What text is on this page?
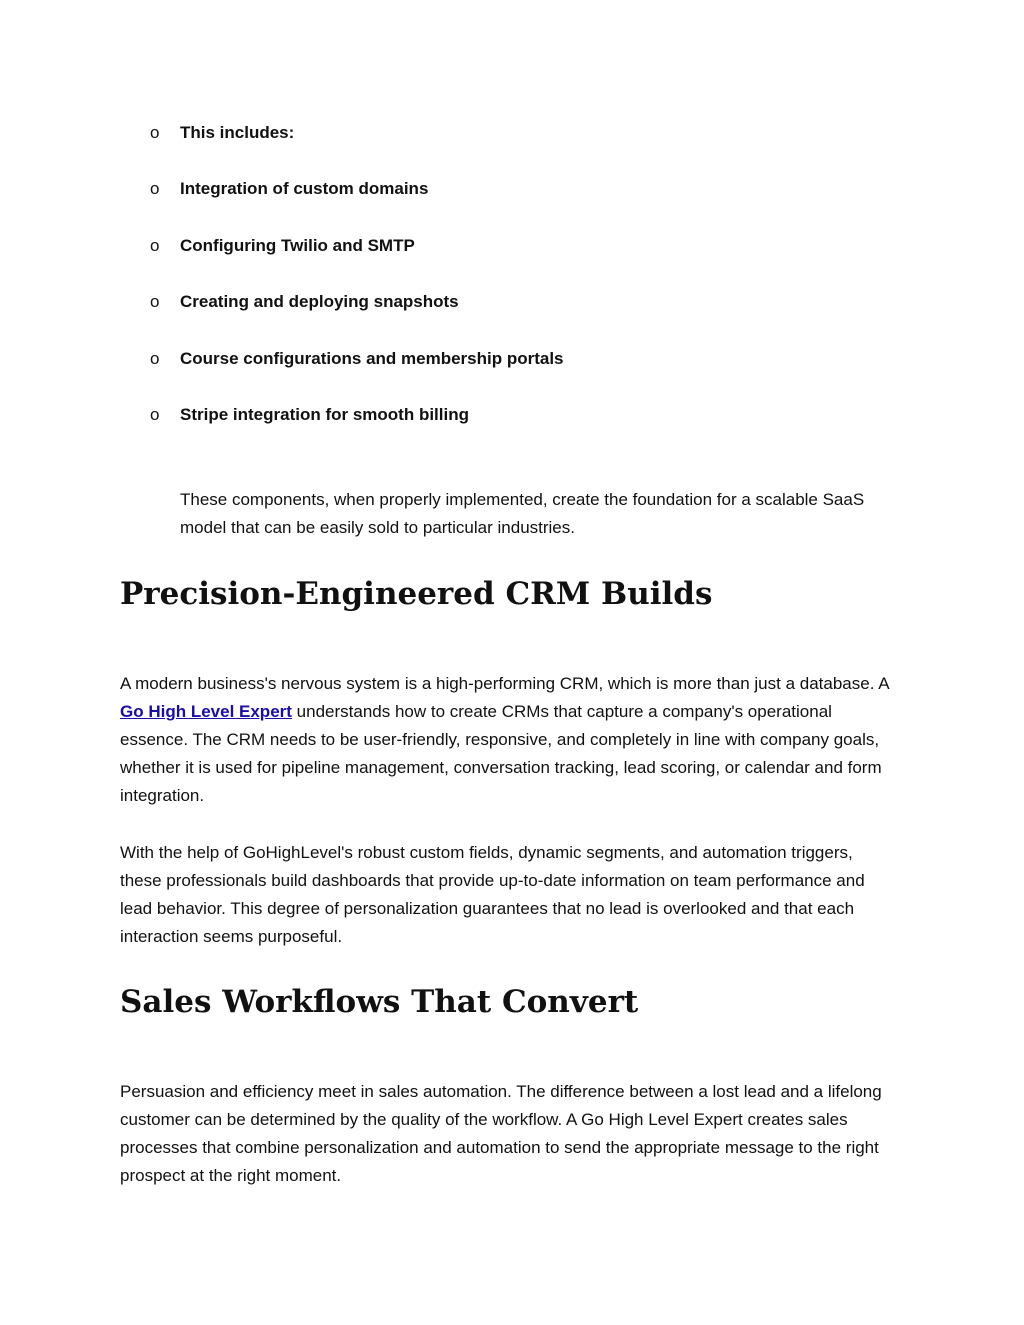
o	This includes:
o	Integration of custom domains
o	Configuring Twilio and SMTP
o	Creating and deploying snapshots
o	Course configurations and membership portals
o	Stripe integration for smooth billing

These components, when properly implemented, create the foundation for a scalable SaaS model that can be easily sold to particular industries.

Precision-Engineered CRM Builds

A modern business's nervous system is a high-performing CRM, which is more than just a database. A Go High Level Expert understands how to create CRMs that capture a company's operational essence. The CRM needs to be user-friendly, responsive, and completely in line with company goals, whether it is used for pipeline management, conversation tracking, lead scoring, or calendar and form integration.

With the help of GoHighLevel's robust custom fields, dynamic segments, and automation triggers, these professionals build dashboards that provide up-to-date information on team performance and lead behavior. This degree of personalization guarantees that no lead is overlooked and that each interaction seems purposeful.

Sales Workflows That Convert

Persuasion and efficiency meet in sales automation. The difference between a lost lead and a lifelong customer can be determined by the quality of the workflow. A Go High Level Expert creates sales processes that combine personalization and automation to send the appropriate message to the right prospect at the right moment.
